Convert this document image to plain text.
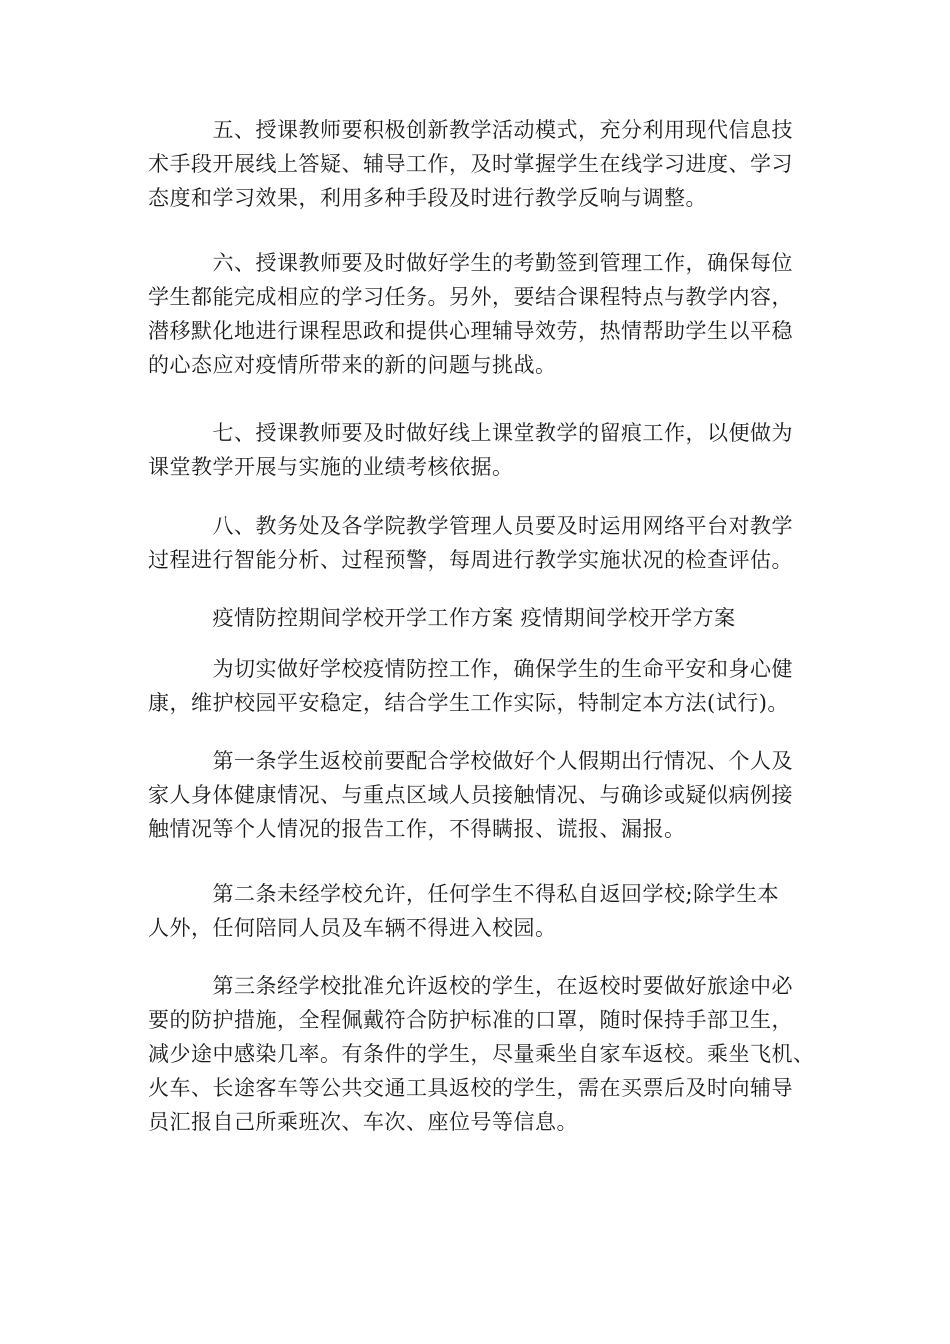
　　　五、授课教师要积极创新教学活动模式，充分利用现代信息技
术手段开展线上答疑、辅导工作，及时掌握学生在线学习进度、学习
态度和学习效果，利用多种手段及时进行教学反响与调整。
　　　六、授课教师要及时做好学生的考勤签到管理工作，确保每位
学生都能完成相应的学习任务。另外，要结合课程特点与教学内容，
潜移默化地进行课程思政和提供心理辅导效劳，热情帮助学生以平稳
的心态应对疫情所带来的新的问题与挑战。
　　　七、授课教师要及时做好线上课堂教学的留痕工作，以便做为
课堂教学开展与实施的业绩考核依据。
　　　八、教务处及各学院教学管理人员要及时运用网络平台对教学
过程进行智能分析、过程预警，每周进行教学实施状况的检查评估。
　　　疫情防控期间学校开学工作方案 疫情期间学校开学方案
　　　为切实做好学校疫情防控工作，确保学生的生命平安和身心健
康，维护校园平安稳定，结合学生工作实际，特制定本方法(试行)。
　　　第一条学生返校前要配合学校做好个人假期出行情况、个人及
家人身体健康情况、与重点区域人员接触情况、与确诊或疑似病例接
触情况等个人情况的报告工作，不得瞒报、谎报、漏报。
　　　第二条未经学校允许，任何学生不得私自返回学校;除学生本
人外，任何陪同人员及车辆不得进入校园。
　　　第三条经学校批准允许返校的学生，在返校时要做好旅途中必
要的防护措施，全程佩戴符合防护标准的口罩，随时保持手部卫生，
减少途中感染几率。有条件的学生，尽量乘坐自家车返校。乘坐飞机、
火车、长途客车等公共交通工具返校的学生，需在买票后及时向辅导
员汇报自己所乘班次、车次、座位号等信息。
